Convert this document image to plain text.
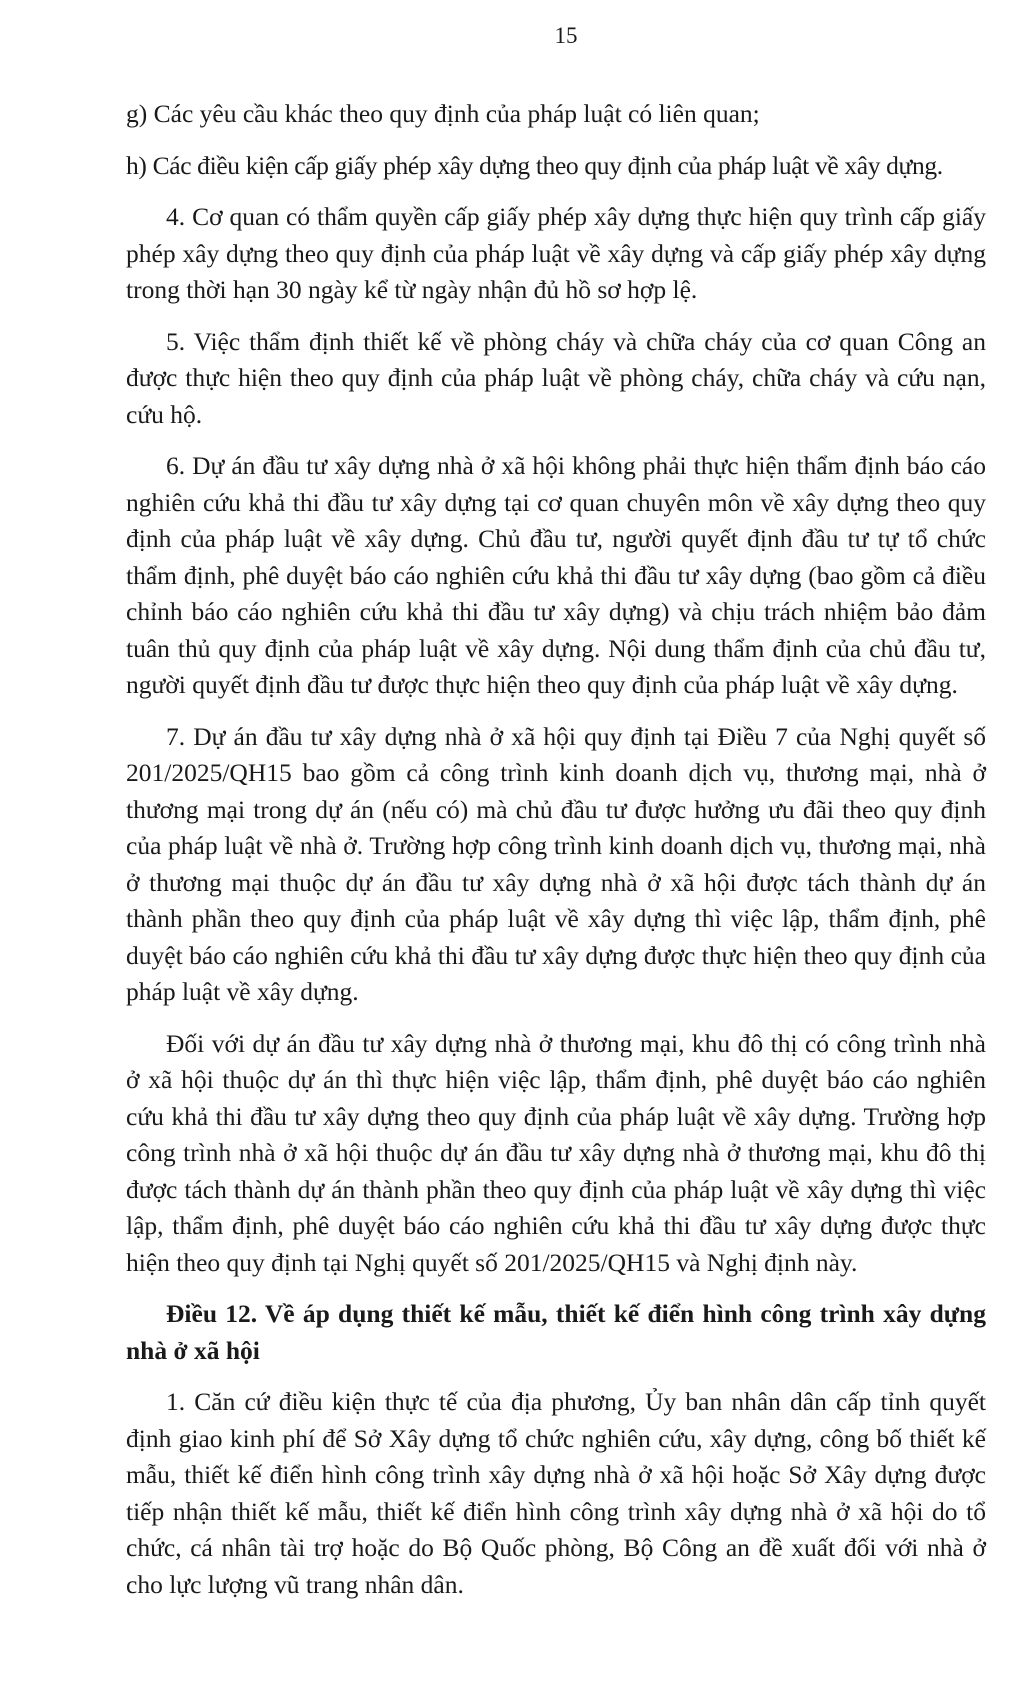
15

g) Các yêu cầu khác theo quy định của pháp luật có liên quan;

h) Các điều kiện cấp giấy phép xây dựng theo quy định của pháp luật về xây dựng.

4. Cơ quan có thẩm quyền cấp giấy phép xây dựng thực hiện quy trình cấp giấy phép xây dựng theo quy định của pháp luật về xây dựng và cấp giấy phép xây dựng trong thời hạn 30 ngày kể từ ngày nhận đủ hồ sơ hợp lệ.

5. Việc thẩm định thiết kế về phòng cháy và chữa cháy của cơ quan Công an được thực hiện theo quy định của pháp luật về phòng cháy, chữa cháy và cứu nạn, cứu hộ.

6. Dự án đầu tư xây dựng nhà ở xã hội không phải thực hiện thẩm định báo cáo nghiên cứu khả thi đầu tư xây dựng tại cơ quan chuyên môn về xây dựng theo quy định của pháp luật về xây dựng. Chủ đầu tư, người quyết định đầu tư tự tổ chức thẩm định, phê duyệt báo cáo nghiên cứu khả thi đầu tư xây dựng (bao gồm cả điều chỉnh báo cáo nghiên cứu khả thi đầu tư xây dựng) và chịu trách nhiệm bảo đảm tuân thủ quy định của pháp luật về xây dựng. Nội dung thẩm định của chủ đầu tư, người quyết định đầu tư được thực hiện theo quy định của pháp luật về xây dựng.

7. Dự án đầu tư xây dựng nhà ở xã hội quy định tại Điều 7 của Nghị quyết số 201/2025/QH15 bao gồm cả công trình kinh doanh dịch vụ, thương mại, nhà ở thương mại trong dự án (nếu có) mà chủ đầu tư được hưởng ưu đãi theo quy định của pháp luật về nhà ở. Trường hợp công trình kinh doanh dịch vụ, thương mại, nhà ở thương mại thuộc dự án đầu tư xây dựng nhà ở xã hội được tách thành dự án thành phần theo quy định của pháp luật về xây dựng thì việc lập, thẩm định, phê duyệt báo cáo nghiên cứu khả thi đầu tư xây dựng được thực hiện theo quy định của pháp luật về xây dựng.

Đối với dự án đầu tư xây dựng nhà ở thương mại, khu đô thị có công trình nhà ở xã hội thuộc dự án thì thực hiện việc lập, thẩm định, phê duyệt báo cáo nghiên cứu khả thi đầu tư xây dựng theo quy định của pháp luật về xây dựng. Trường hợp công trình nhà ở xã hội thuộc dự án đầu tư xây dựng nhà ở thương mại, khu đô thị được tách thành dự án thành phần theo quy định của pháp luật về xây dựng thì việc lập, thẩm định, phê duyệt báo cáo nghiên cứu khả thi đầu tư xây dựng được thực hiện theo quy định tại Nghị quyết số 201/2025/QH15 và Nghị định này.

Điều 12. Về áp dụng thiết kế mẫu, thiết kế điển hình công trình xây dựng nhà ở xã hội

1. Căn cứ điều kiện thực tế của địa phương, Ủy ban nhân dân cấp tỉnh quyết định giao kinh phí để Sở Xây dựng tổ chức nghiên cứu, xây dựng, công bố thiết kế mẫu, thiết kế điển hình công trình xây dựng nhà ở xã hội hoặc Sở Xây dựng được tiếp nhận thiết kế mẫu, thiết kế điển hình công trình xây dựng nhà ở xã hội do tổ chức, cá nhân tài trợ hoặc do Bộ Quốc phòng, Bộ Công an đề xuất đối với nhà ở cho lực lượng vũ trang nhân dân.
